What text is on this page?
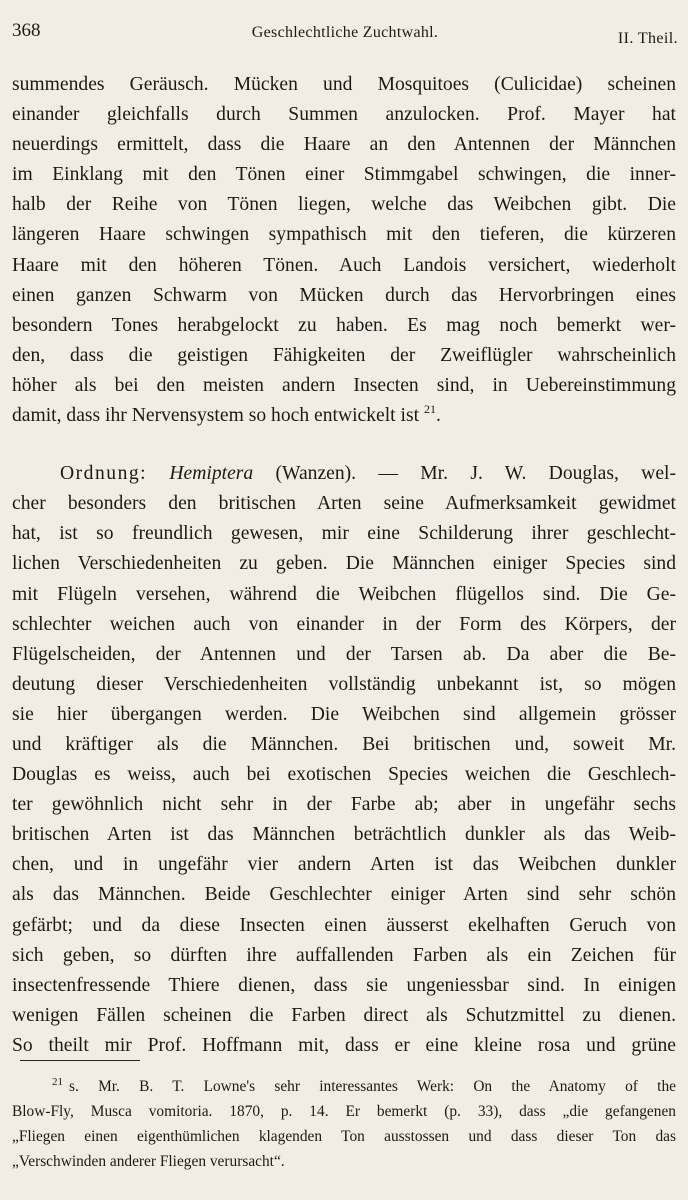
368	Geschlechtliche Zuchtwahl.	II. Theil.
summendes Geräusch. Mücken und Mosquitoes (Culicidae) scheinen
einander gleichfalls durch Summen anzulocken. Prof. Mayer hat
neuerdings ermittelt, dass die Haare an den Antennen der Männchen
im Einklang mit den Tönen einer Stimmgabel schwingen, die inner-
halb der Reihe von Tönen liegen, welche das Weibchen gibt. Die
längeren Haare schwingen sympathisch mit den tieferen, die kürzeren
Haare mit den höheren Tönen. Auch Landois versichert, wiederholt
einen ganzen Schwarm von Mücken durch das Hervorbringen eines
besondern Tones herabgelockt zu haben. Es mag noch bemerkt wer-
den, dass die geistigen Fähigkeiten der Zweiflügler wahrscheinlich
höher als bei den meisten andern Insecten sind, in Uebereinstimmung
damit, dass ihr Nervensystem so hoch entwickelt ist $^{21}$.
Ordnung: Hemiptera (Wanzen). — Mr. J. W. Douglas, wel-
cher besonders den britischen Arten seine Aufmerksamkeit gewidmet
hat, ist so freundlich gewesen, mir eine Schilderung ihrer geschlecht-
lichen Verschiedenheiten zu geben. Die Männchen einiger Species sind
mit Flügeln versehen, während die Weibchen flügellos sind. Die Ge-
schlechter weichen auch von einander in der Form des Körpers, der
Flügelscheiden, der Antennen und der Tarsen ab. Da aber die Be-
deutung dieser Verschiedenheiten vollständig unbekannt ist, so mögen
sie hier übergangen werden. Die Weibchen sind allgemein grösser
und kräftiger als die Männchen. Bei britischen und, soweit Mr.
Douglas es weiss, auch bei exotischen Species weichen die Geschlech-
ter gewöhnlich nicht sehr in der Farbe ab; aber in ungefähr sechs
britischen Arten ist das Männchen beträchtlich dunkler als das Weib-
chen, und in ungefähr vier andern Arten ist das Weibchen dunkler
als das Männchen. Beide Geschlechter einiger Arten sind sehr schön
gefärbt; und da diese Insecten einen äusserst ekelhaften Geruch von
sich geben, so dürften ihre auffallenden Farben als ein Zeichen für
insectenfressende Thiere dienen, dass sie ungeniessbar sind. In einigen
wenigen Fällen scheinen die Farben direct als Schutzmittel zu dienen.
So theilt mir Prof. Hoffmann mit, dass er eine kleine rosa und grüne
$^{21}$ s. Mr. B. T. Lowne's sehr interessantes Werk: On the Anatomy of the
Blow-Fly, Musca vomitoria. 1870, p. 14. Er bemerkt (p. 33), dass „die gefangenen
„Fliegen einen eigenthümlichen klagenden Ton ausstossen und dass dieser Ton das
„Verschwinden anderer Fliegen verursacht“.
